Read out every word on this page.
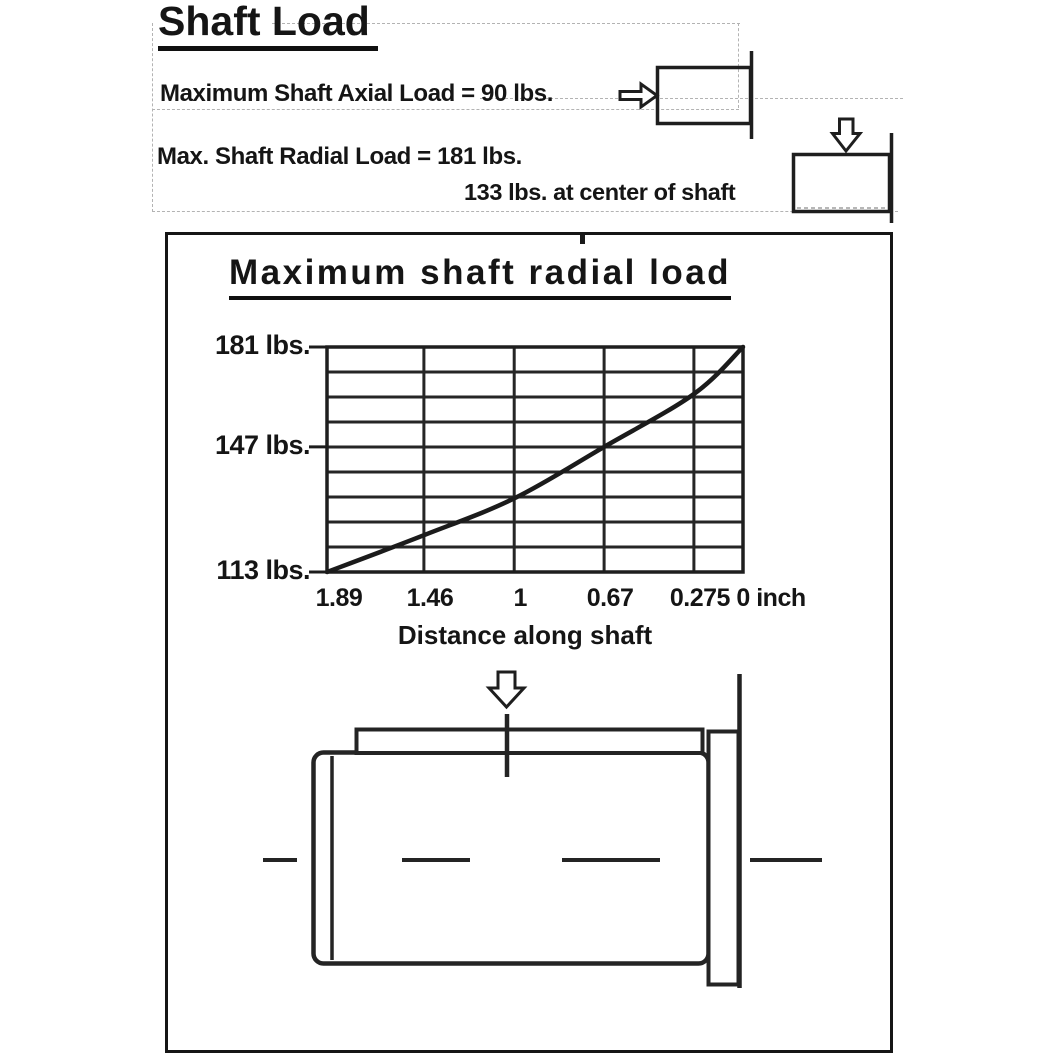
Shaft Load
Maximum Shaft Axial Load = 90 lbs.
Max. Shaft Radial Load = 181 lbs.
133 lbs. at center of shaft
Maximum shaft radial load
181 lbs.
147 lbs.
113 lbs.
1.89	1.46	1	0.67	0.275 0 inch
Distance along shaft
